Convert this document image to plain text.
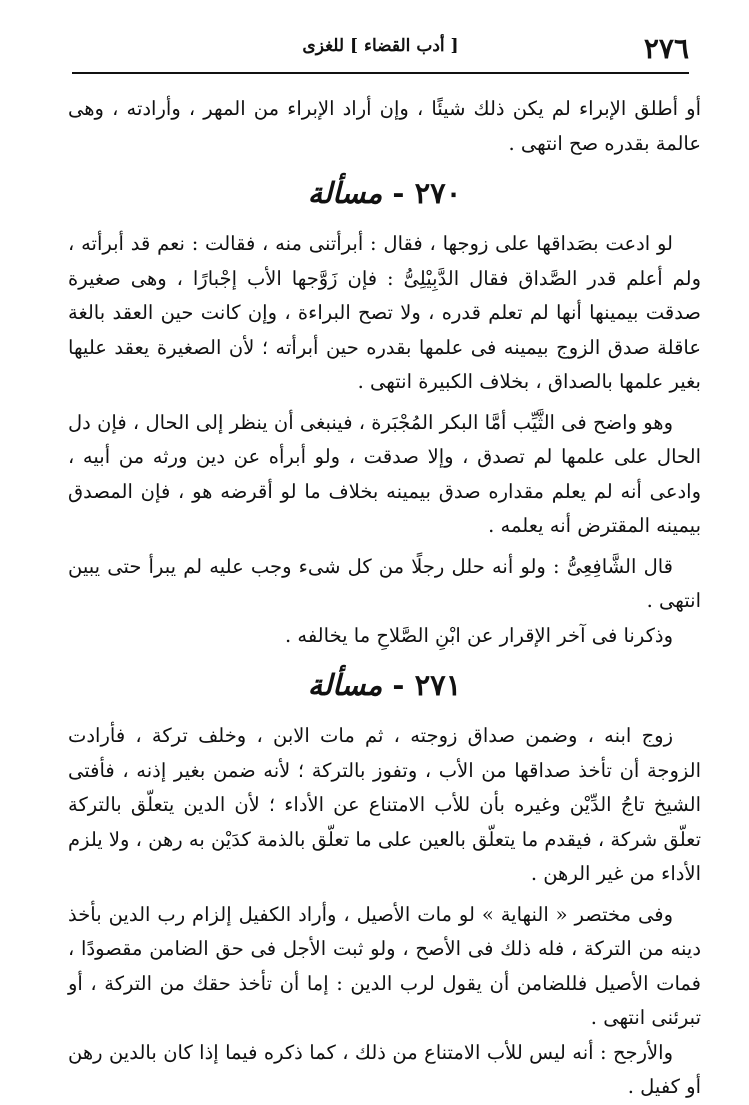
٢٧٦
[ أدب القضاء ] للغزى

أو أطلق الإبراء لم يكن ذلك شيئًا ، وإن أراد الإبراء من المهر ، وأرادته ، وهى عالمة بقدره صح انتهى .

٢٧٠ - مسألة

لو ادعت بصَداقها على زوجها ، فقال : أبرأتنى منه ، فقالت : نعم قد أبرأته ، ولم أعلم قدر الصَّداق فقال الدَّبِيْلِىُّ : فإن زَوَّجها الأب إجْبارًا ، وهى صغيرة صدقت بيمينها أنها لم تعلم قدره ، ولا تصح البراءة ، وإن كانت حين العقد بالغة عاقلة صدق الزوج بيمينه فى علمها بقدره حين أبرأته ؛ لأن الصغيرة يعقد عليها بغير علمها بالصداق ، بخلاف الكبيرة انتهى .

وهو واضح فى الثَّيِّب أمَّا البكر المُجْبَرة ، فينبغى أن ينظر إلى الحال ، فإن دل الحال على علمها لم تصدق ، وإلا صدقت ، ولو أبرأه عن دين ورثه من أبيه ، وادعى أنه لم يعلم مقداره صدق بيمينه بخلاف ما لو أقرضه هو ، فإن المصدق بيمينه المقترض أنه يعلمه .

قال الشَّافِعِىُّ : ولو أنه حلل رجلًا من كل شىء وجب عليه لم يبرأ حتى يبين انتهى .

وذكرنا فى آخر الإقرار عن ابْنِ الصَّلاحِ ما يخالفه .

٢٧١ - مسألة

زوج ابنه ، وضمن صداق زوجته ، ثم مات الابن ، وخلف تركة ، فأرادت الزوجة أن تأخذ صداقها من الأب ، وتفوز بالتركة ؛ لأنه ضمن بغير إذنه ، فأفتى الشيخ تاجُ الدِّيْن وغيره بأن للأب الامتناع عن الأداء ؛ لأن الدين يتعلّق بالتركة تعلّق شركة ، فيقدم ما يتعلّق بالعين على ما تعلّق بالذمة كدَيْن به رهن ، ولا يلزم الأداء من غير الرهن .

وفى مختصر « النهاية » لو مات الأصيل ، وأراد الكفيل إلزام رب الدين بأخذ دينه من التركة ، فله ذلك فى الأصح ، ولو ثبت الأجل فى حق الضامن مقصودًا ، فمات الأصيل فللضامن أن يقول لرب الدين : إما أن تأخذ حقك من التركة ، أو تبرئنى انتهى .

والأرجح : أنه ليس للأب الامتناع من ذلك ، كما ذكره فيما إذا كان بالدين رهن أو كفيل .
